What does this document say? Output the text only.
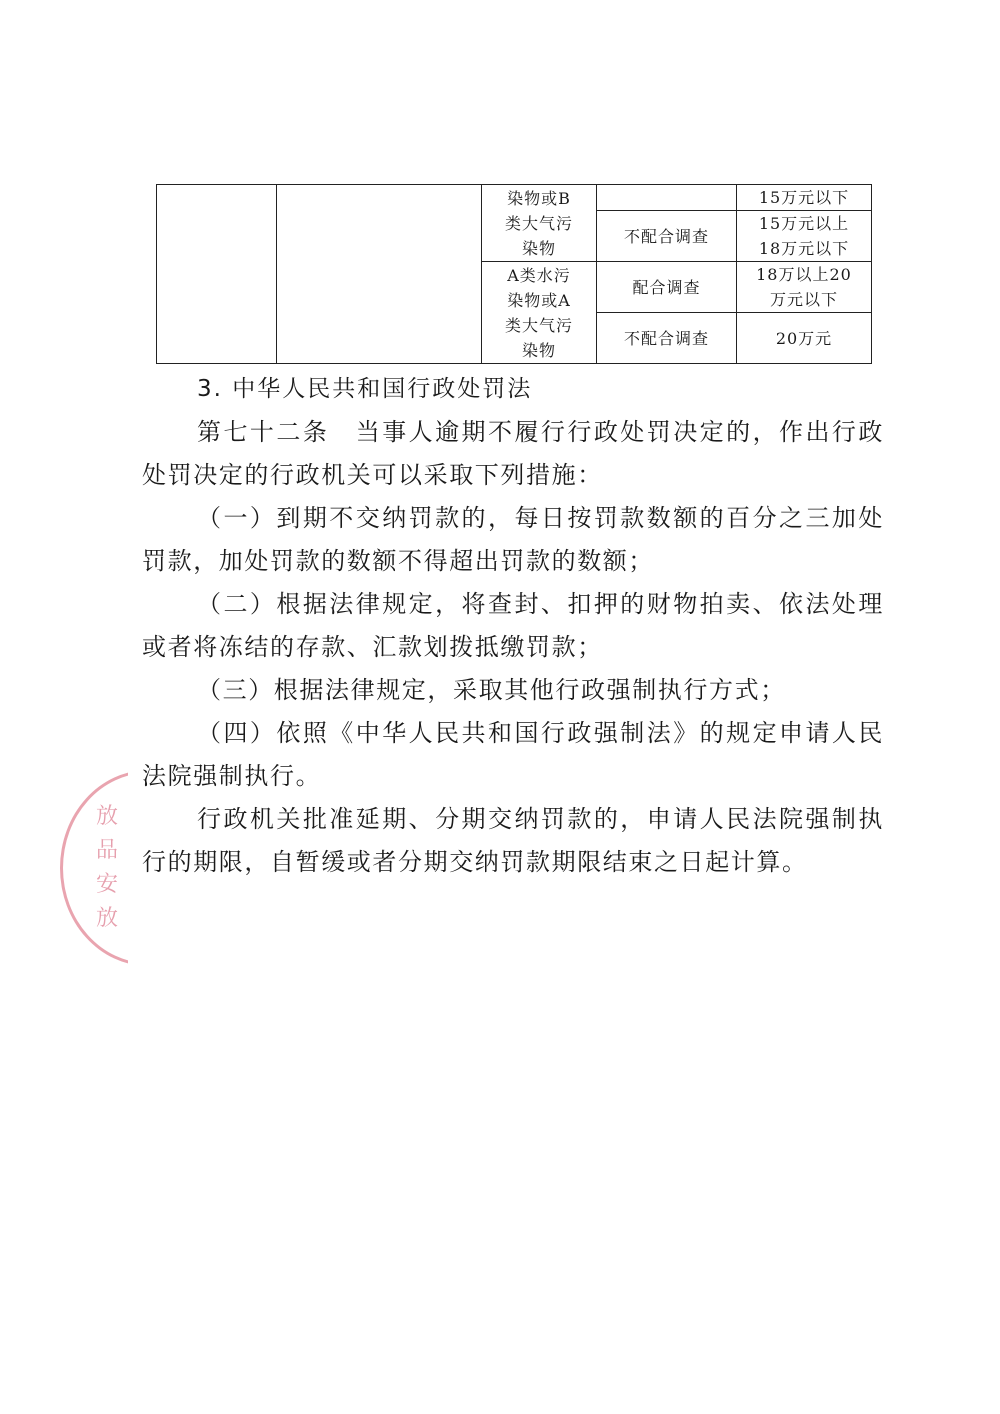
		染物或B
类大气污
染物		15万元以下
			不配合调查	15万元以上
18万元以下

		A类水污
染物或A
类大气污
染物	配合调查	18万以上20
万元以下

			不配合调查	20万元

3. 中华人民共和国行政处罚法

第七十二条　当事人逾期不履行行政处罚决定的，作出行政处罚决定的行政机关可以采取下列措施：

（一）到期不交纳罚款的，每日按罚款数额的百分之三加处罚款，加处罚款的数额不得超出罚款的数额；

（二）根据法律规定，将查封、扣押的财物拍卖、依法处理或者将冻结的存款、汇款划拨抵缴罚款；

（三）根据法律规定，采取其他行政强制执行方式；

（四）依照《中华人民共和国行政强制法》的规定申请人民法院强制执行。

行政机关批准延期、分期交纳罚款的，申请人民法院强制执行的期限，自暂缓或者分期交纳罚款期限结束之日起计算。

放品安放
